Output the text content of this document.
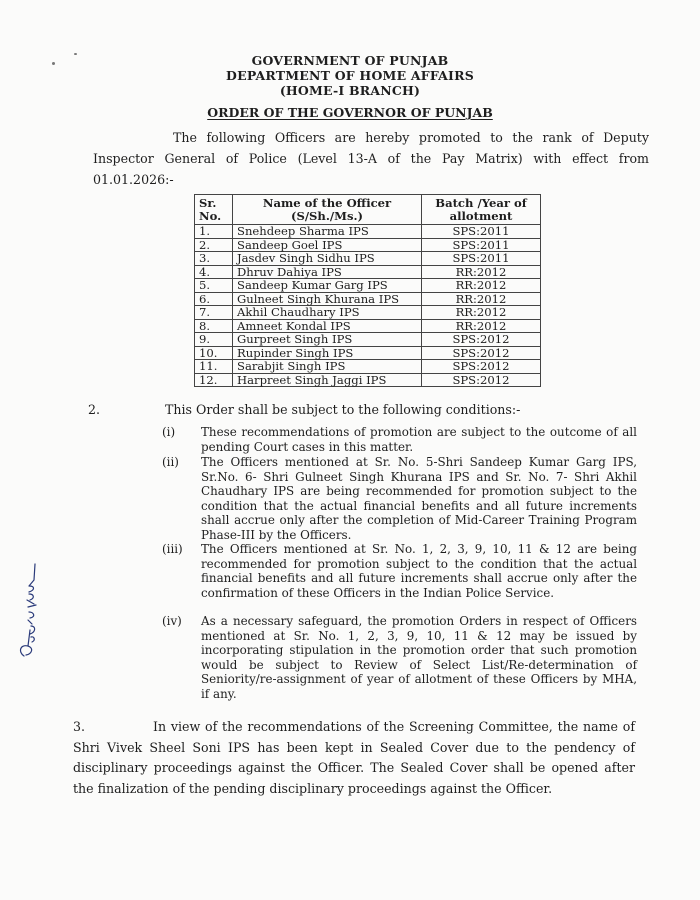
GOVERNMENT OF PUNJAB
DEPARTMENT OF HOME AFFAIRS
(HOME-I BRANCH)
ORDER OF THE GOVERNOR OF PUNJAB
The following Officers are hereby promoted to the rank of Deputy Inspector General of Police (Level 13-A of the Pay Matrix) with effect from 01.01.2026:-
Sr. No.	Name of the Officer (S/Sh./Ms.)	Batch /Year of allotment
1.	Snehdeep Sharma IPS	SPS:2011
2.	Sandeep Goel IPS	SPS:2011
3.	Jasdev Singh Sidhu IPS	SPS:2011
4.	Dhruv Dahiya IPS	RR:2012
5.	Sandeep Kumar Garg IPS	RR:2012
6.	Gulneet Singh Khurana IPS	RR:2012
7.	Akhil Chaudhary IPS	RR:2012
8.	Amneet Kondal IPS	RR:2012
9.	Gurpreet Singh IPS	SPS:2012
10.	Rupinder Singh IPS	SPS:2012
11.	Sarabjit Singh IPS	SPS:2012
12.	Harpreet Singh Jaggi IPS	SPS:2012
2.	This Order shall be subject to the following conditions:-
(i)	These recommendations of promotion are subject to the outcome of all pending Court cases in this matter.
(ii)	The Officers mentioned at Sr. No. 5-Shri Sandeep Kumar Garg IPS, Sr.No. 6- Shri Gulneet Singh Khurana IPS and Sr. No. 7- Shri Akhil Chaudhary IPS are being recommended for promotion subject to the condition that the actual financial benefits and all future increments shall accrue only after the completion of Mid-Career Training Program Phase-III by the Officers.
(iii)	The Officers mentioned at Sr. No. 1, 2, 3, 9, 10, 11 & 12 are being recommended for promotion subject to the condition that the actual financial benefits and all future increments shall accrue only after the confirmation of these Officers in the Indian Police Service.
(iv)	As a necessary safeguard, the promotion Orders in respect of Officers mentioned at Sr. No. 1, 2, 3, 9, 10, 11 & 12 may be issued by incorporating stipulation in the promotion order that such promotion would be subject to Review of Select List/Re-determination of Seniority/re-assignment of year of allotment of these Officers by MHA, if any.
3.	In view of the recommendations of the Screening Committee, the name of Shri Vivek Sheel Soni IPS has been kept in Sealed Cover due to the pendency of disciplinary proceedings against the Officer. The Sealed Cover shall be opened after the finalization of the pending disciplinary proceedings against the Officer.
